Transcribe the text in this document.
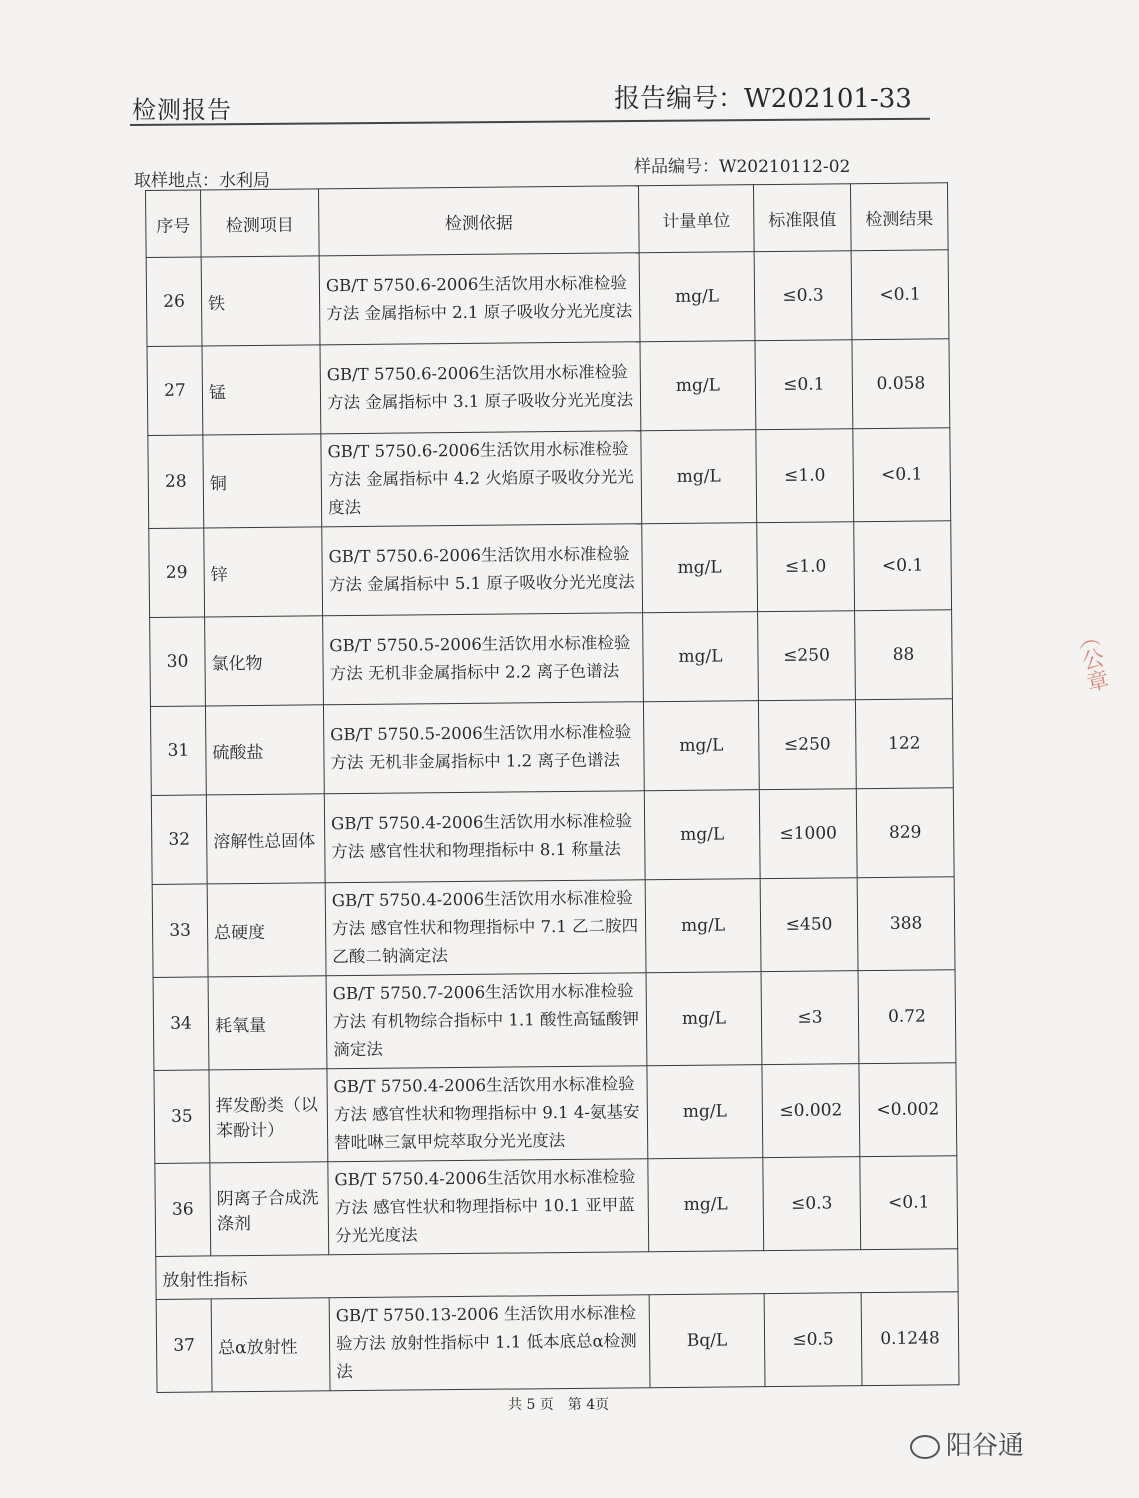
检测报告	报告编号：W202101-33
取样地点：水利局
样品编号：W20210112-02
序号	检测项目	检测依据	计量单位	标准限值	检测结果
26	铁	GB/T 5750.6-2006生活饮用水标准检验方法 金属指标中 2.1 原子吸收分光光度法	mg/L	≤0.3	<0.1
27	锰	GB/T 5750.6-2006生活饮用水标准检验方法 金属指标中 3.1 原子吸收分光光度法	mg/L	≤0.1	0.058
28	铜	GB/T 5750.6-2006生活饮用水标准检验方法 金属指标中 4.2 火焰原子吸收分光光度法	mg/L	≤1.0	<0.1
29	锌	GB/T 5750.6-2006生活饮用水标准检验方法 金属指标中 5.1 原子吸收分光光度法	mg/L	≤1.0	<0.1
30	氯化物	GB/T 5750.5-2006生活饮用水标准检验方法 无机非金属指标中 2.2 离子色谱法	mg/L	≤250	88
31	硫酸盐	GB/T 5750.5-2006生活饮用水标准检验方法 无机非金属指标中 1.2 离子色谱法	mg/L	≤250	122
32	溶解性总固体	GB/T 5750.4-2006生活饮用水标准检验方法 感官性状和物理指标中 8.1 称量法	mg/L	≤1000	829
33	总硬度	GB/T 5750.4-2006生活饮用水标准检验方法 感官性状和物理指标中 7.1 乙二胺四乙酸二钠滴定法	mg/L	≤450	388
34	耗氧量	GB/T 5750.7-2006生活饮用水标准检验方法 有机物综合指标中 1.1 酸性高锰酸钾滴定法	mg/L	≤3	0.72
35	挥发酚类（以苯酚计）	GB/T 5750.4-2006生活饮用水标准检验方法 感官性状和物理指标中 9.1 4-氨基安替吡啉三氯甲烷萃取分光光度法	mg/L	≤0.002	<0.002
36	阴离子合成洗涤剂	GB/T 5750.4-2006生活饮用水标准检验方法 感官性状和物理指标中 10.1 亚甲蓝分光光度法	mg/L	≤0.3	<0.1
放射性指标					
37	总α放射性	GB/T 5750.13-2006 生活饮用水标准检验方法 放射性指标中 1.1 低本底总α检测法	Bq/L	≤0.5	0.1248
（公章
共 5 页　第 4页
阳谷通
